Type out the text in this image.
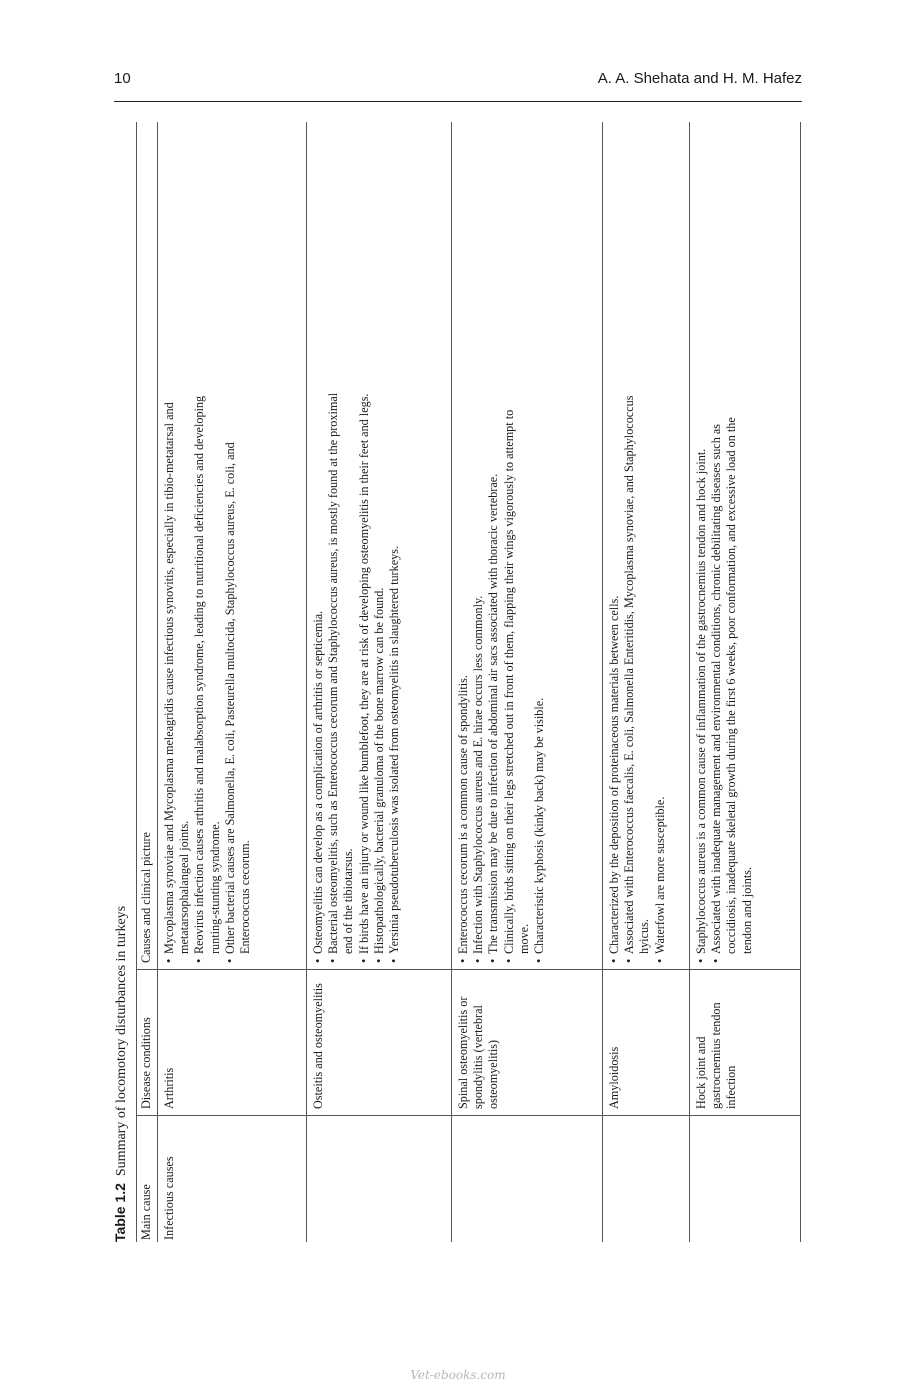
10	A. A. Shehata and H. M. Hafez
Table 1.2  Summary of locomotory disturbances in turkeys
Main cause
Disease conditions
Causes and clinical picture
Infectious causes
Arthritis
• Mycoplasma synoviae and Mycoplasma meleagridis cause infectious synovitis, especially in tibio-metatarsal and metatarsophalangeal joints. • Reovirus infection causes arthritis and malabsorption syndrome, leading to nutritional deficiencies and developing runting-stunting syndrome. • Other bacterial causes are Salmonella, E. coli, Pasteurella multocida, Staphylococcus aureus, E. coli, and Enterococcus cecorum.
Osteitis and osteomyelitis
• Osteomyelitis can develop as a complication of arthritis or septicemia. • Bacterial osteomyelitis, such as Enterococcus cecorum and Staphylococcus aureus, is mostly found at the proximal end of the tibiotarsus. • If birds have an injury or wound like bumblefoot, they are at risk of developing osteomyelitis in their feet and legs. • Histopathologically, bacterial granuloma of the bone marrow can be found. • Yersinia pseudotuberculosis was isolated from osteomyelitis in slaughtered turkeys.
Spinal osteomyelitis or spondylitis (vertebral osteomyelitis)
• Enterococcus cecorum is a common cause of spondylitis. • Infection with Staphylococcus aureus and E. hirae occurs less commonly. • The transmission may be due to infection of abdominal air sacs associated with thoracic vertebrae. • Clinically, birds sitting on their legs stretched out in front of them, flapping their wings vigorously to attempt to move. • Characteristic kyphosis (kinky back) may be visible.
Amyloidosis
• Characterized by the deposition of proteinaceous materials between cells. • Associated with Enterococcus faecalis, E. coli, Salmonella Enteritidis, Mycoplasma synoviae, and Staphylococcus hyicus. • Waterfowl are more susceptible.
Hock joint and gastrocnemius tendon infection
• Staphylococcus aureus is a common cause of inflammation of the gastrocnemius tendon and hock joint. • Associated with inadequate management and environmental conditions, chronic debilitating diseases such as coccidiosis, inadequate skeletal growth during the first 6 weeks, poor conformation, and excessive load on the tendon and joints.
Vet-ebooks.com
